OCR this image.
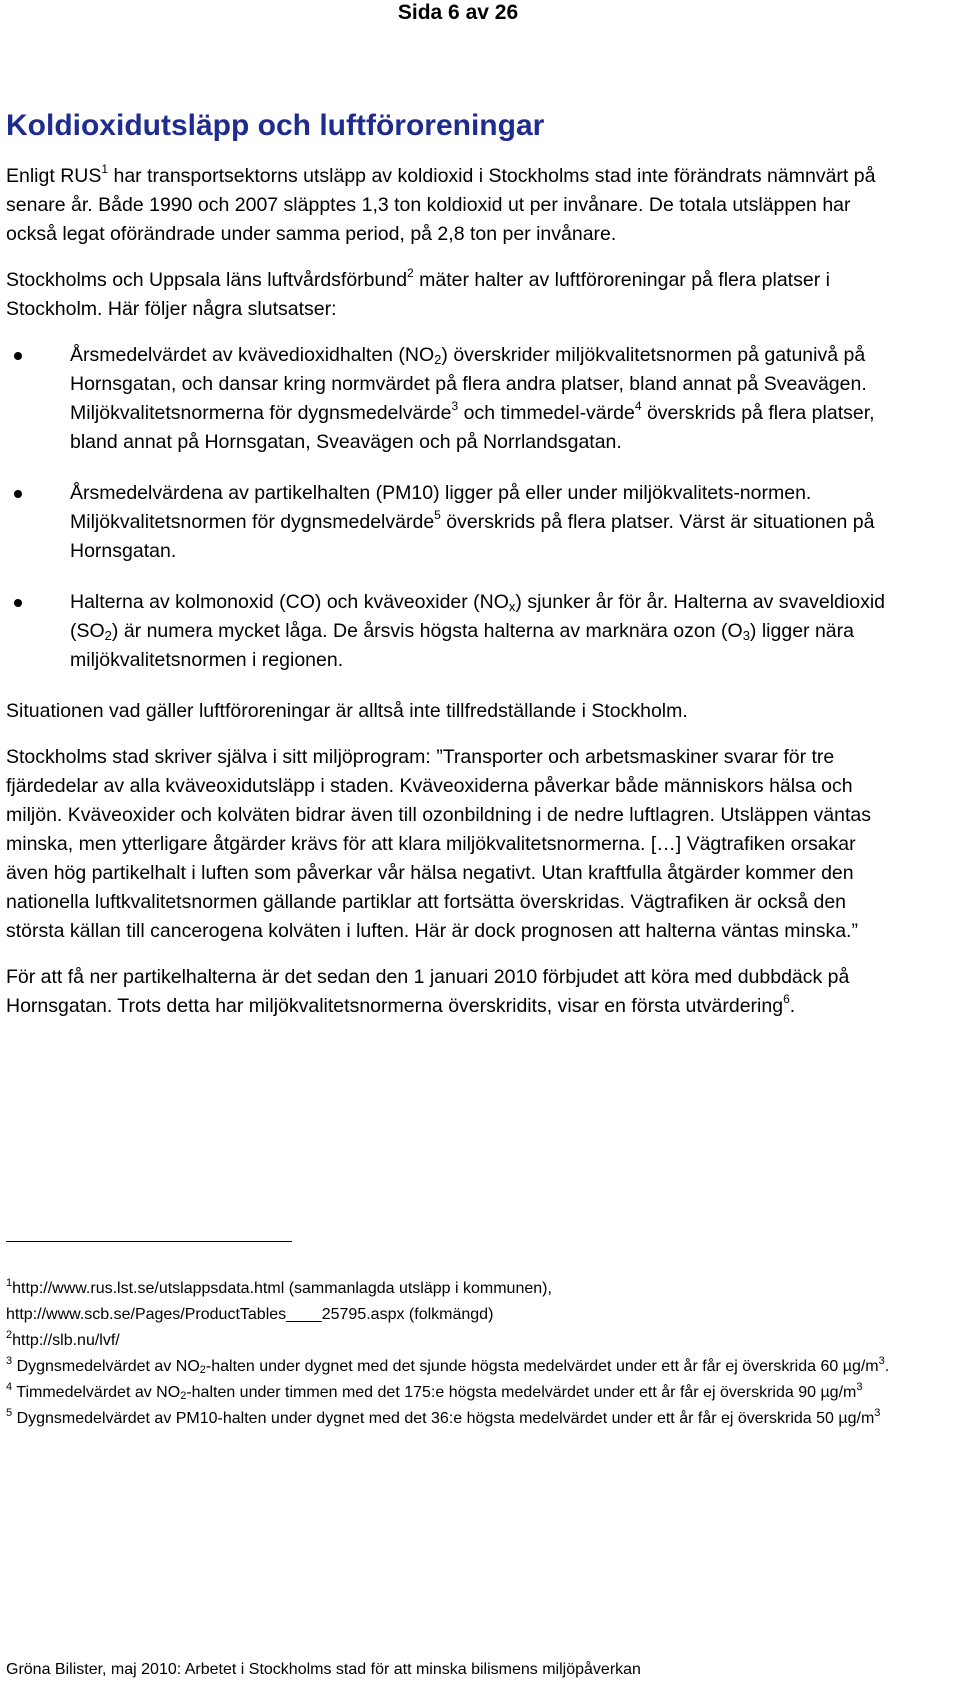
Sida 6 av 26
Koldioxidutsläpp och luftföroreningar

Enligt RUS$^1$ har transportsektorns utsläpp av koldioxid i Stockholms stad inte förändrats nämnvärt på senare år. Både 1990 och 2007 släpptes 1,3 ton koldioxid ut per invånare. De totala utsläppen har också legat oförändrade under samma period, på 2,8 ton per invånare.

Stockholms och Uppsala läns luftvårdsförbund$^2$ mäter halter av luftföroreningar på flera platser i Stockholm. Här följer några slutsatser:

Årsmedelvärdet av kvävedioxidhalten $(NO_2)$ överskrider miljökvalitetsnormen på gatunivå på Hornsgatan, och dansar kring normvärdet på flera andra platser, bland annat på Sveavägen. Miljökvalitetsnormerna för dygnsmedelvärde$^3$ och timmedel-värde$^4$ överskrids på flera platser, bland annat på Hornsgatan, Sveavägen och på Norrlandsgatan.
Årsmedelvärdena av partikelhalten (PM10) ligger på eller under miljökvalitets-normen. Miljökvalitetsnormen för dygnsmedelvärde$^5$ överskrids på flera platser. Värst är situationen på Hornsgatan.
Halterna av kolmonoxid (CO) och kväveoxider $(NO_x)$ sjunker år för år. Halterna av svaveldioxid $(SO_2)$ är numera mycket låga. De årsvis högsta halterna av marknära ozon $(O_3)$ ligger nära miljökvalitetsnormen i regionen.

Situationen vad gäller luftföroreningar är alltså inte tillfredställande i Stockholm.

Stockholms stad skriver själva i sitt miljöprogram: ”Transporter och arbetsmaskiner svarar för tre fjärdedelar av alla kväveoxidutsläpp i staden. Kväveoxiderna påverkar både människors hälsa och miljön. Kväveoxider och kolväten bidrar även till ozonbildning i de nedre luftlagren. Utsläppen väntas minska, men ytterligare åtgärder krävs för att klara miljökvalitetsnormerna. […] Vägtrafiken orsakar även hög partikelhalt i luften som påverkar vår hälsa negativt. Utan kraftfulla åtgärder kommer den nationella luftkvalitetsnormen gällande partiklar att fortsätta överskridas. Vägtrafiken är också den största källan till cancerogena kolväten i luften. Här är dock prognosen att halterna väntas minska.”

För att få ner partikelhalterna är det sedan den 1 januari 2010 förbjudet att köra med dubbdäck på Hornsgatan. Trots detta har miljökvalitetsnormerna överskridits, visar en första utvärdering$^6$.

$^1$http://www.rus.lst.se/utslappsdata.html (sammanlagda utsläpp i kommunen),
http://www.scb.se/Pages/ProductTables____25795.aspx (folkmängd)
$^2$http://slb.nu/lvf/
$^3$ Dygnsmedelvärdet av $NO_2$-halten under dygnet med det sjunde högsta medelvärdet under ett år får ej överskrida 60 $\mu g/m^3$.
$^4$ Timmedelvärdet av $NO_2$-halten under timmen med det 175:e högsta medelvärdet under ett år får ej överskrida 90 $\mu g/m^3$
$^5$ Dygnsmedelvärdet av PM10-halten under dygnet med det 36:e högsta medelvärdet under ett år får ej överskrida 50 $\mu g/m^3$
Gröna Bilister, maj 2010: Arbetet i Stockholms stad för att minska bilismens miljöpåverkan
